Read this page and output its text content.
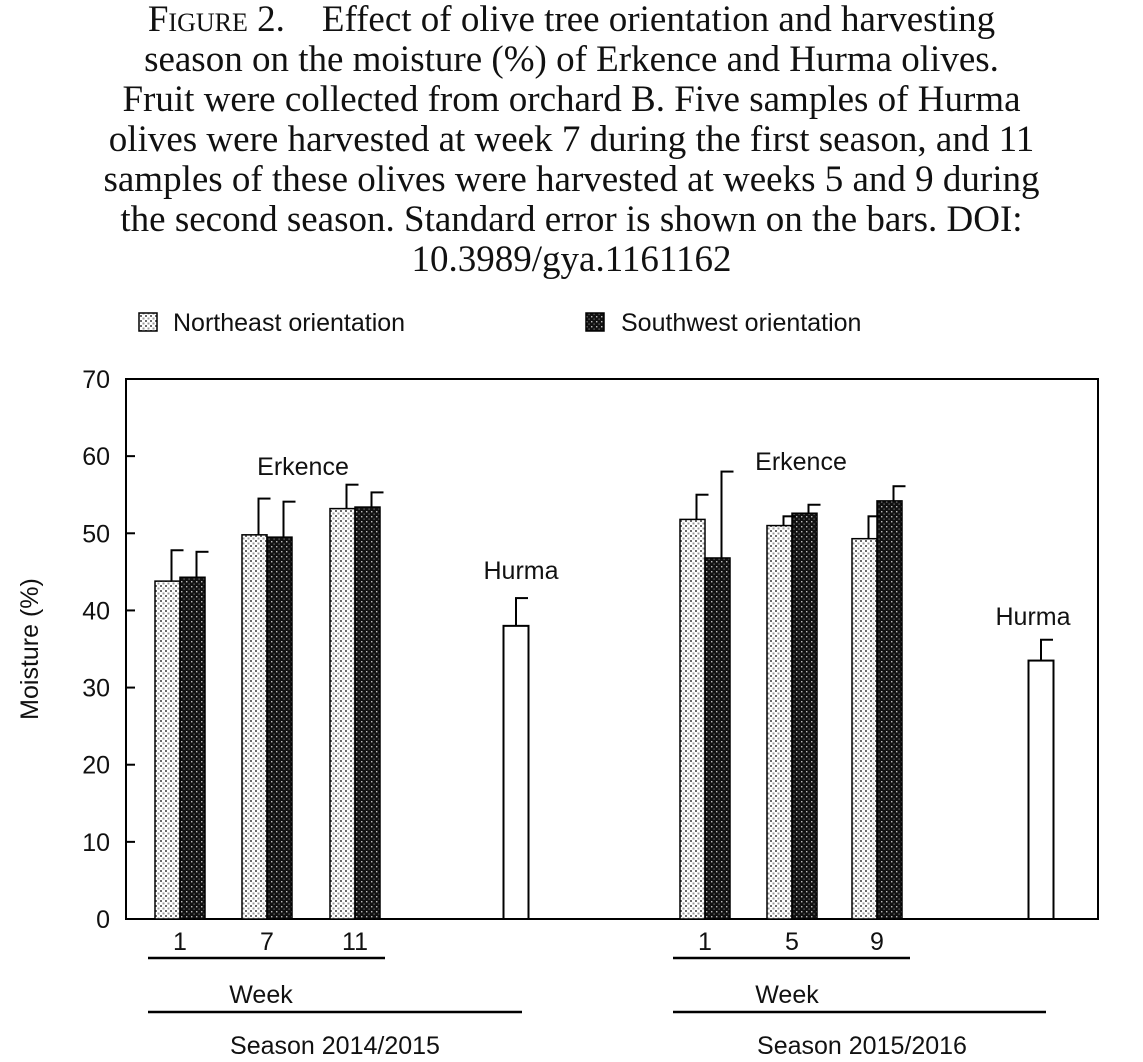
Figure 2. Effect of olive tree orientation and harvesting
season on the moisture (%) of Erkence and Hurma olives.
Fruit were collected from orchard B. Five samples of Hurma
olives were harvested at week 7 during the first season, and 11
samples of these olives were harvested at weeks 5 and 9 during
the second season. Standard error is shown on the bars. DOI:
10.3989/gya.1161162
Northeast orientation	Southwest orientation
Moisture (%)
0
10
20
30
40
50
60
70
Erkence
Hurma
Erkence
Hurma
1	7	11
Week
Season 2014/2015
1	5	9
Week
Season 2015/2016
